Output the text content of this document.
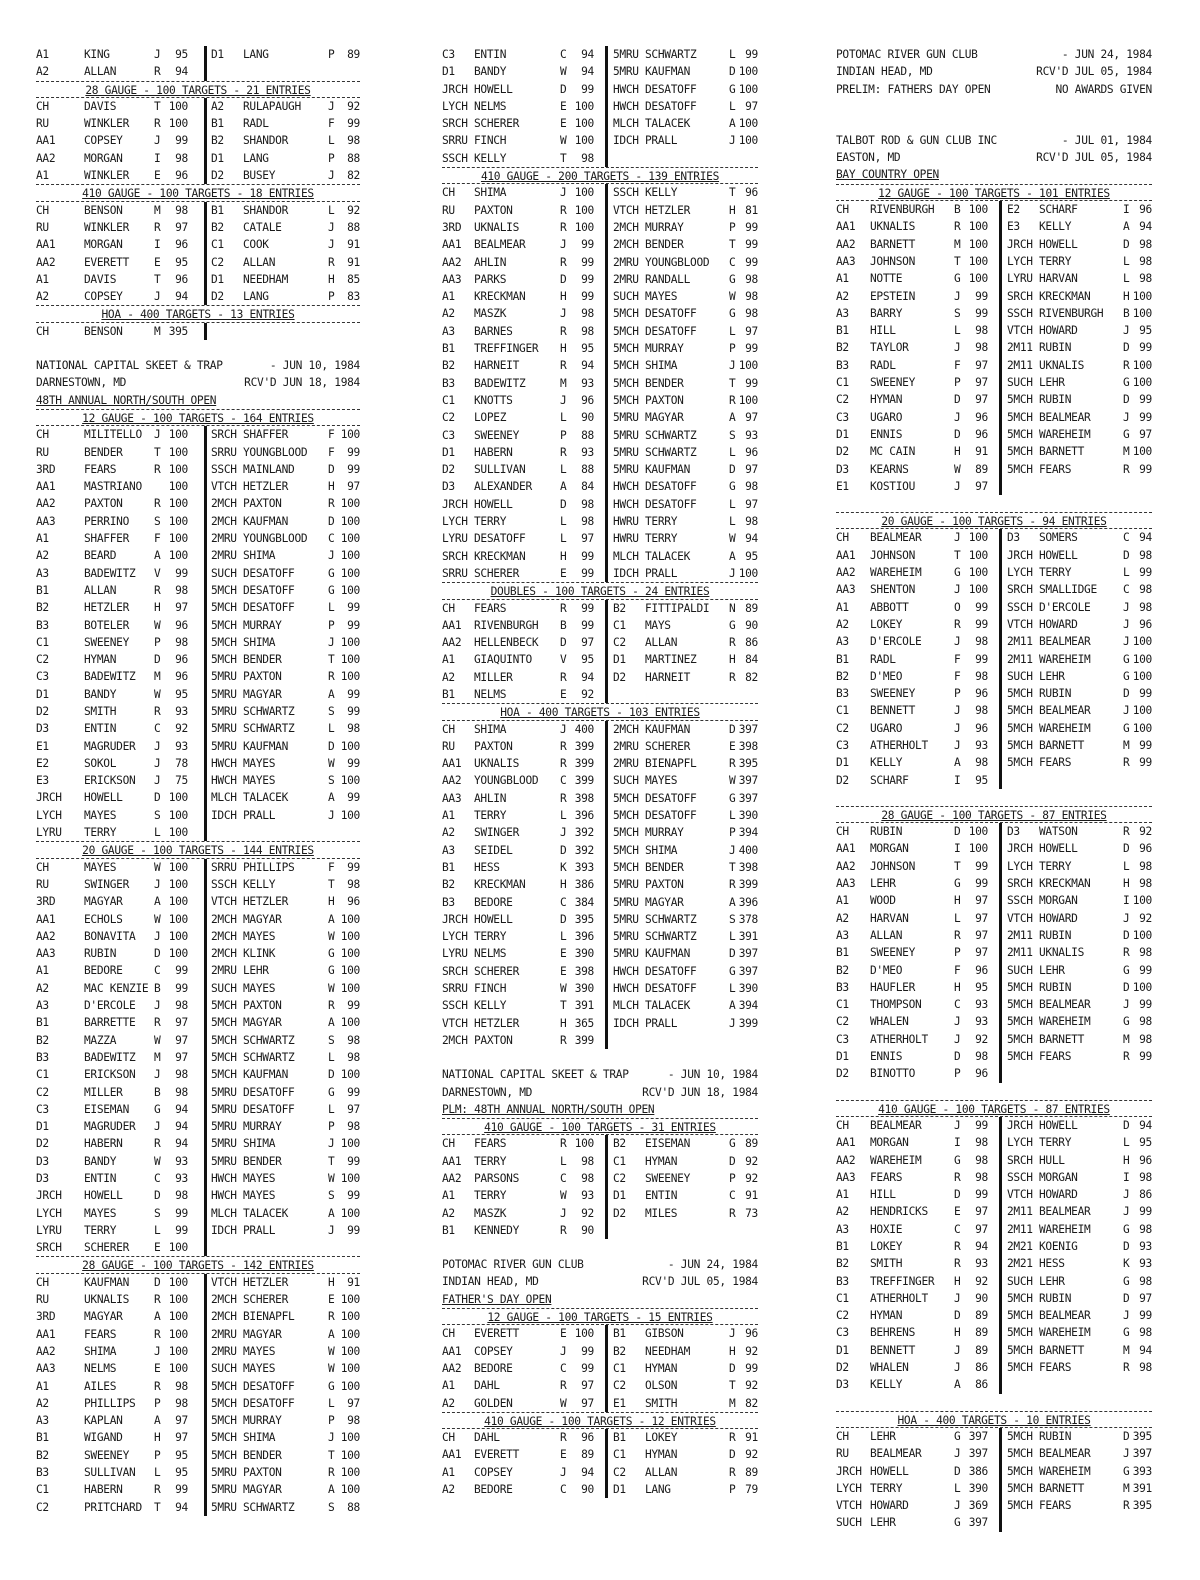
A1	KING	J 95 D1 LANG	P 89
A2	ALLAN	R 94
28 GAUGE - 100 TARGETS - 21 ENTRIES
CH	DAVIS	T 100 A2 RULAPAUGH J 92
RU	WINKLER R 100 B1 RADL	F 99
AA1	COPSEY	J 99 B2 SHANDOR	L 98
AA2	MORGAN	I 98 D1 LANG	P 88
A1	WINKLER E 96 D2 BUSEY	J 82
410 GAUGE - 100 TARGETS - 18 ENTRIES
CH	BENSON	M 98 B1 SHANDOR	L 92
RU	WINKLER R 97 B2 CATALE	J 88
AA1	MORGAN	I 96 C1 COOK	J 91
AA2	EVERETT E 95 C2 ALLAN	R 91
A1	DAVIS	T 96 D1 NEEDHAM	H 85
A2	COPSEY	J 94 D2 LANG	P 83
HOA - 400 TARGETS - 13 ENTRIES
CH	BENSON	M 395
NATIONAL CAPITAL SKEET & TRAP	- JUN 10, 1984
DARNESTOWN, MD	RCV'D JUN 18, 1984
48TH ANNUAL NORTH/SOUTH OPEN
12 GAUGE - 100 TARGETS - 164 ENTRIES
CH	MILITELLO J 100 SRCH SHAFFER	F 100
RU	BENDER	T 100 SRRU YOUNGBLOOD F 99
3RD	FEARS	R 100 SSCH MAINLAND	D 99
AA1	MASTRIANO 100 VTCH HETZLER	H 97
AA2	PAXTON	R 100 2MCH PAXTON	R 100
AA3	PERRINO S 100 2MCH KAUFMAN	D 100
A1	SHAFFER F 100 2MRU YOUNGBLOOD C 100
A2	BEARD	A 100 2MRU SHIMA	J 100
A3	BADEWITZ V 99 SUCH DESATOFF	G 100
B1	ALLAN	R 98 5MCH DESATOFF	G 100
B2	HETZLER H 97 5MCH DESATOFF	L 99
B3	BOTELER W 96 5MCH MURRAY	P 99
C1	SWEENEY P 98 5MCH SHIMA	J 100
C2	HYMAN	D 96 5MCH BENDER	T 100
C3	BADEWITZ M 96 5MRU PAXTON	R 100
D1	BANDY	W 95 5MRU MAGYAR	A 99
D2	SMITH	R 93 5MRU SCHWARTZ	S 99
D3	ENTIN	C 92 5MRU SCHWARTZ	L 98
E1	MAGRUDER J 93 5MRU KAUFMAN	D 100
E2	SOKOL	J 78 HWCH MAYES	W 99
E3	ERICKSON J 75 HWCH MAYES	S 100
JRCH HOWELL	D 100 MLCH TALACEK	A 99
LYCH MAYES	S 100 IDCH PRALL	J 100
LYRU TERRY	L 100
20 GAUGE - 100 TARGETS - 144 ENTRIES
CH	MAYES	W 100 SRRU PHILLIPS	F 99
RU	SWINGER J 100 SSCH KELLY	T 98
3RD	MAGYAR	A 100 VTCH HETZLER	H 96
AA1	ECHOLS	W 100 2MCH MAGYAR	A 100
AA2	BONAVITA J 100 2MCH MAYES	W 100
AA3	RUBIN	D 100 2MCH KLINK	G 100
A1	BEDORE	C 99 2MRU LEHR	G 100
A2	MAC KENZIE B 99 SUCH MAYES	W 100
A3	D'ERCOLE J 98 5MCH PAXTON	R 99
B1	BARRETTE R 97 5MCH MAGYAR	A 100
B2	MAZZA	W 97 5MCH SCHWARTZ	S 98
B3	BADEWITZ M 97 5MCH SCHWARTZ	L 98
C1	ERICKSON J 98 5MCH KAUFMAN	D 100
C2	MILLER	B 98 5MRU DESATOFF	G 99
C3	EISEMAN G 94 5MRU DESATOFF	L 97
D1	MAGRUDER J 94 5MRU MURRAY	P 98
D2	HABERN	R 94 5MRU SHIMA	J 100
D3	BANDY	W 93 5MRU BENDER	T 99
D3	ENTIN	C 93 HWCH MAYES	W 100
JRCH HOWELL	D 98 HWCH MAYES	S 99
LYCH MAYES	S 99 MLCH TALACEK	A 100
LYRU TERRY	L 99 IDCH PRALL	J 99
SRCH SCHERER E 100
28 GAUGE - 100 TARGETS - 142 ENTRIES
CH	KAUFMAN D 100 VTCH HETZLER	H 91
RU	UKNALIS R 100 2MCH SCHERER	E 100
3RD	MAGYAR	A 100 2MCH BIENAPFL	R 100
AA1	FEARS	R 100 2MRU MAGYAR	A 100
AA2	SHIMA	J 100 2MRU MAYES	W 100
AA3	NELMS	E 100 SUCH MAYES	W 100
A1	AILES	R 98 5MCH DESATOFF	G 100
A2	PHILLIPS P 98 5MCH DESATOFF	L 97
A3	KAPLAN	A 97 5MCH MURRAY	P 98
B1	WIGAND	H 97 5MCH SHIMA	J 100
B2	SWEENEY P 95 5MCH BENDER	T 100
B3	SULLIVAN L 95 5MRU PAXTON	R 100
C1	HABERN	R 99 5MRU MAGYAR	A 100
C2	PRITCHARD T 94 5MRU SCHWARTZ	S 88
C3 ENTIN	C 94 5MRU SCHWARTZ	L 99
D1 BANDY	W 94 5MRU KAUFMAN	D 100
JRCH HOWELL	D 99 HWCH DESATOFF	G 100
LYCH NELMS	E 100 HWCH DESATOFF	L 97
SRCH SCHERER	E 100 MLCH TALACEK	A 100
SRRU FINCH	W 100 IDCH PRALL	J 100
SSCH KELLY	T 98
410 GAUGE - 200 TARGETS - 139 ENTRIES
CH SHIMA	J 100 SSCH KELLY	T 96
RU PAXTON	R 100 VTCH HETZLER	H 81
3RD UKNALIS	R 100 2MCH MURRAY	P 99
AA1 BEALMEAR	J 99 2MCH BENDER	T 99
AA2 AHLIN	R 99 2MRU YOUNGBLOOD C 99
AA3 PARKS	D 99 2MRU RANDALL	G 98
A1 KRECKMAN	H 99 SUCH MAYES	W 98
A2 MASZK	J 98 5MCH DESATOFF	G 98
A3 BARNES	R 98 5MCH DESATOFF	L 97
B1 TREFFINGER H 95 5MCH MURRAY	P 99
B2 HARNEIT	R 94 5MCH SHIMA	J 100
B3 BADEWITZ	M 93 5MCH BENDER	T 99
C1 KNOTTS	J 96 5MCH PAXTON	R 100
C2 LOPEZ	L 90 5MRU MAGYAR	A 97
C3 SWEENEY	P 88 5MRU SCHWARTZ	S 93
D1 HABERN	R 93 5MRU SCHWARTZ	L 96
D2 SULLIVAN	L 88 5MRU KAUFMAN	D 97
D3 ALEXANDER	A 84 HWCH DESATOFF	G 98
JRCH HOWELL	D 98 HWCH DESATOFF	L 97
LYCH TERRY	L 98 HWRU TERRY	L 98
LYRU DESATOFF	L 97 HWRU TERRY	W 94
SRCH KRECKMAN	H 99 MLCH TALACEK	A 95
SRRU SCHERER	E 99 IDCH PRALL	J 100
DOUBLES - 100 TARGETS - 24 ENTRIES
CH FEARS	R 99 B2 FITTIPALDI N 89
AA1 RIVENBURGH B 99 C1 MAYS	G 90
AA2 HELLENBECK D 97 C2 ALLAN	R 86
A1 GIAQUINTO	V 95 D1 MARTINEZ	H 84
A2 MILLER	R 94 D2 HARNEIT	R 82
B1 NELMS	E 92
HOA - 400 TARGETS - 103 ENTRIES
CH SHIMA	J 400 2MCH KAUFMAN	D 397
RU PAXTON	R 399 2MRU SCHERER	E 398
AA1 UKNALIS	R 399 2MRU BIENAPFL	R 395
AA2 YOUNGBLOOD C 399 SUCH MAYES	W 397
AA3 AHLIN	R 398 5MCH DESATOFF	G 397
A1 TERRY	L 396 5MCH DESATOFF	L 390
A2 SWINGER	J 392 5MCH MURRAY	P 394
A3 SEIDEL	D 392 5MCH SHIMA	J 400
B1 HESS	K 393 5MCH BENDER	T 398
B2 KRECKMAN	H 386 5MRU PAXTON	R 399
B3 BEDORE	C 384 5MRU MAGYAR	A 396
JRCH HOWELL	D 395 5MRU SCHWARTZ	S 378
LYCH TERRY	L 396 5MRU SCHWARTZ	L 391
LYRU NELMS	E 390 5MRU KAUFMAN	D 397
SRCH SCHERER	E 398 HWCH DESATOFF	G 397
SRRU FINCH	W 390 HWCH DESATOFF	L 390
SSCH KELLY	T 391 MLCH TALACEK	A 394
VTCH HETZLER	H 365 IDCH PRALL	J 399
2MCH PAXTON	R 399
NATIONAL CAPITAL SKEET & TRAP	- JUN 10, 1984
DARNESTOWN, MD	RCV'D JUN 18, 1984
PLM: 48TH ANNUAL NORTH/SOUTH OPEN
410 GAUGE - 100 TARGETS - 31 ENTRIES
CH FEARS	R 100 B2 EISEMAN	G 89
AA1 TERRY	L 98 C1 HYMAN	D 92
AA2 PARSONS	C 98 C2 SWEENEY	P 92
A1 TERRY	W 93 D1 ENTIN	C 91
A2 MASZK	J 92 D2 MILES	R 73
B1 KENNEDY	R 90
POTOMAC RIVER GUN CLUB	- JUN 24, 1984
INDIAN HEAD, MD	RCV'D JUL 05, 1984
FATHER'S DAY OPEN
12 GAUGE - 100 TARGETS - 15 ENTRIES
CH EVERETT	E 100 B1 GIBSON	J 96
AA1 COPSEY	J 99 B2 NEEDHAM	H 92
AA2 BEDORE	C 99 C1 HYMAN	D 99
A1 DAHL	R 97 C2 OLSON	T 92
A2 GOLDEN	W 97 E1 SMITH	M 82
410 GAUGE - 100 TARGETS - 12 ENTRIES
CH DAHL	R 96 B1 LOKEY	R 91
AA1 EVERETT	E 89 C1 HYMAN	D 92
A1 COPSEY	J 94 C2 ALLAN	R 89
A2 BEDORE	C 90 D1 LANG	P 79
POTOMAC RIVER GUN CLUB	- JUN 24, 1984
INDIAN HEAD, MD	RCV'D JUL 05, 1984
PRELIM: FATHERS DAY OPEN	NO AWARDS GIVEN
TALBOT ROD & GUN CLUB INC	- JUL 01, 1984
EASTON, MD	RCV'D JUL 05, 1984
BAY COUNTRY OPEN
12 GAUGE - 100 TARGETS - 101 ENTRIES
CH RIVENBURGH B 100 E2 SCHARF	I 96
AA1 UKNALIS	R 100 E3 KELLY	A 94
AA2 BARNETT	M 100 JRCH HOWELL	D 98
AA3 JOHNSON	T 100 LYCH TERRY	L 98
A1 NOTTE	G 100 LYRU HARVAN	L 98
A2 EPSTEIN	J 99 SRCH KRECKMAN	H 100
A3 BARRY	S 99 SSCH RIVENBURGH B 100
B1 HILL	L 98 VTCH HOWARD	J 95
B2 TAYLOR	J 98 2M11 RUBIN	D 99
B3 RADL	F 97 2M11 UKNALIS	R 100
C1 SWEENEY	P 97 SUCH LEHR	G 100
C2 HYMAN	D 97 5MCH RUBIN	D 99
C3 UGARO	J 96 5MCH BEALMEAR	J 99
D1 ENNIS	D 96 5MCH WAREHEIM	G 97
D2 MC CAIN	H 91 5MCH BARNETT	M 100
D3 KEARNS	W 89 5MCH FEARS	R 99
E1 KOSTIOU	J 97
20 GAUGE - 100 TARGETS - 94 ENTRIES
CH BEALMEAR	J 100 D3 SOMERS	C 94
AA1 JOHNSON	T 100 JRCH HOWELL	D 98
AA2 WAREHEIM	G 100 LYCH TERRY	L 99
AA3 SHENTON	J 100 SRCH SMALLIDGE C 98
A1 ABBOTT	O 99 SSCH D'ERCOLE	J 98
A2 LOKEY	R 99 VTCH HOWARD	J 96
A3 D'ERCOLE	J 98 2M11 BEALMEAR	J 100
B1 RADL	F 99 2M11 WAREHEIM	G 100
B2 D'MEO	F 98 SUCH LEHR	G 100
B3 SWEENEY	P 96 5MCH RUBIN	D 99
C1 BENNETT	J 98 5MCH BEALMEAR	J 100
C2 UGARO	J 96 5MCH WAREHEIM	G 100
C3 ATHERHOLT J 93 5MCH BARNETT	M 99
D1 KELLY	A 98 5MCH FEARS	R 99
D2 SCHARF	I 95
28 GAUGE - 100 TARGETS - 87 ENTRIES
CH RUBIN	D 100 D3 WATSON	R 92
AA1 MORGAN	I 100 JRCH HOWELL	D 96
AA2 JOHNSON	T 99 LYCH TERRY	L 98
AA3 LEHR	G 99 SRCH KRECKMAN	H 98
A1 WOOD	H 97 SSCH MORGAN	I 100
A2 HARVAN	L 97 VTCH HOWARD	J 92
A3 ALLAN	R 97 2M11 RUBIN	D 100
B1 SWEENEY	P 97 2M11 UKNALIS	R 98
B2 D'MEO	F 96 SUCH LEHR	G 99
B3 HAUFLER	H 95 5MCH RUBIN	D 100
C1 THOMPSON	C 93 5MCH BEALMEAR	J 99
C2 WHALEN	J 93 5MCH WAREHEIM	G 98
C3 ATHERHOLT J 92 5MCH BARNETT	M 98
D1 ENNIS	D 98 5MCH FEARS	R 99
D2 BINOTTO	P 96
410 GAUGE - 100 TARGETS - 87 ENTRIES
CH BEALMEAR	J 99 JRCH HOWELL	D 94
AA1 MORGAN	I 98 LYCH TERRY	L 95
AA2 WAREHEIM	G 98 SRCH HULL	H 96
AA3 FEARS	R 98 SSCH MORGAN	I 98
A1 HILL	D 99 VTCH HOWARD	J 86
A2 HENDRICKS E 97 2M11 BEALMEAR	J 99
A3 HOXIE	C 97 2M11 WAREHEIM	G 98
B1 LOKEY	R 94 2M21 KOENIG	D 93
B2 SMITH	R 93 2M21 HESS	K 93
B3 TREFFINGER H 92 SUCH LEHR	G 98
C1 ATHERHOLT J 90 5MCH RUBIN	D 97
C2 HYMAN	D 89 5MCH BEALMEAR	J 99
C3 BEHRENS	H 89 5MCH WAREHEIM	G 98
D1 BENNETT	J 89 5MCH BARNETT	M 94
D2 WHALEN	J 86 5MCH FEARS	R 98
D3 KELLY	A 86
HOA - 400 TARGETS - 10 ENTRIES
CH LEHR	G 397 5MCH RUBIN	D 395
RU BEALMEAR	J 397 5MCH BEALMEAR	J 397
JRCH HOWELL	D 386 5MCH WAREHEIM	G 393
LYCH TERRY	L 390 5MCH BARNETT	M 391
VTCH HOWARD	J 369 5MCH FEARS	R 395
SUCH LEHR	G 397
